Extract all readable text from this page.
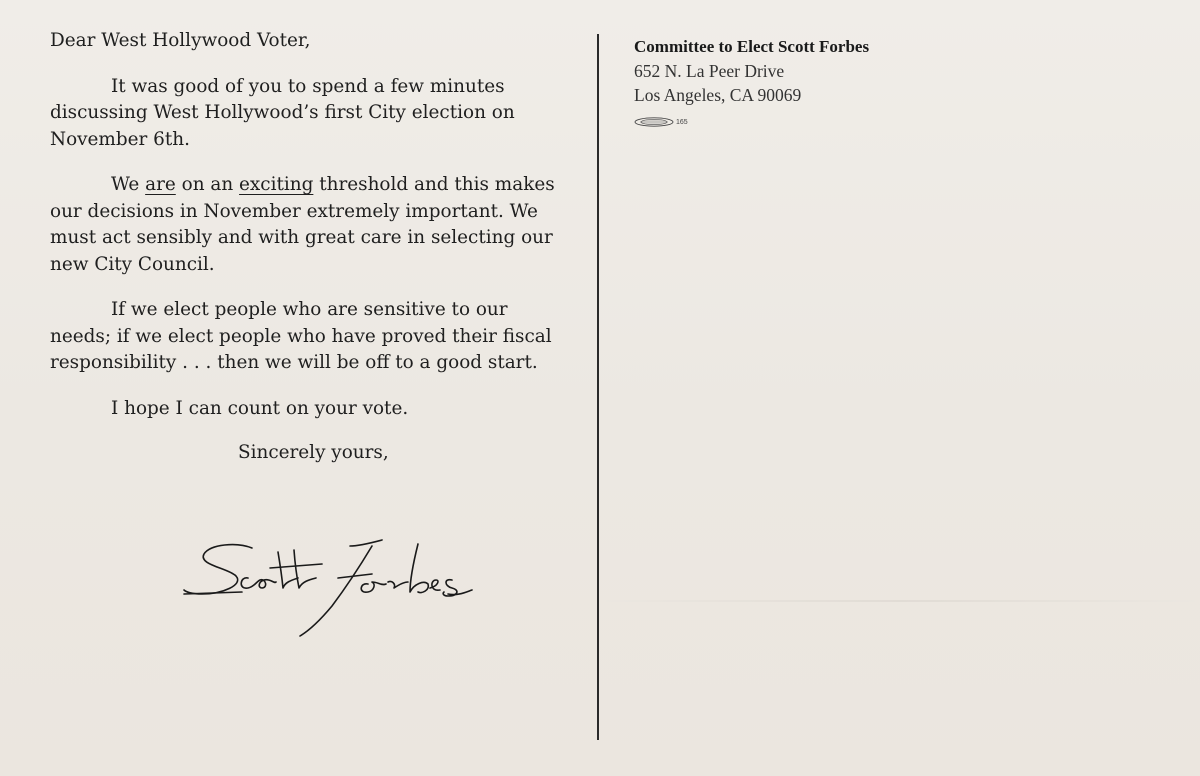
Dear West Hollywood Voter,

It was good of you to spend a few minutes discussing West Hollywood’s first City election on November 6th.

We are on an exciting threshold and this makes our decisions in November extremely important. We must act sensibly and with great care in selecting our new City Council.

If we elect people who are sensitive to our needs; if we elect people who have proved their fiscal responsibility . . . then we will be off to a good start.

I hope I can count on your vote.

Sincerely yours,

Committee to Elect Scott Forbes
652 N. La Peer Drive
Los Angeles, CA 90069
165
